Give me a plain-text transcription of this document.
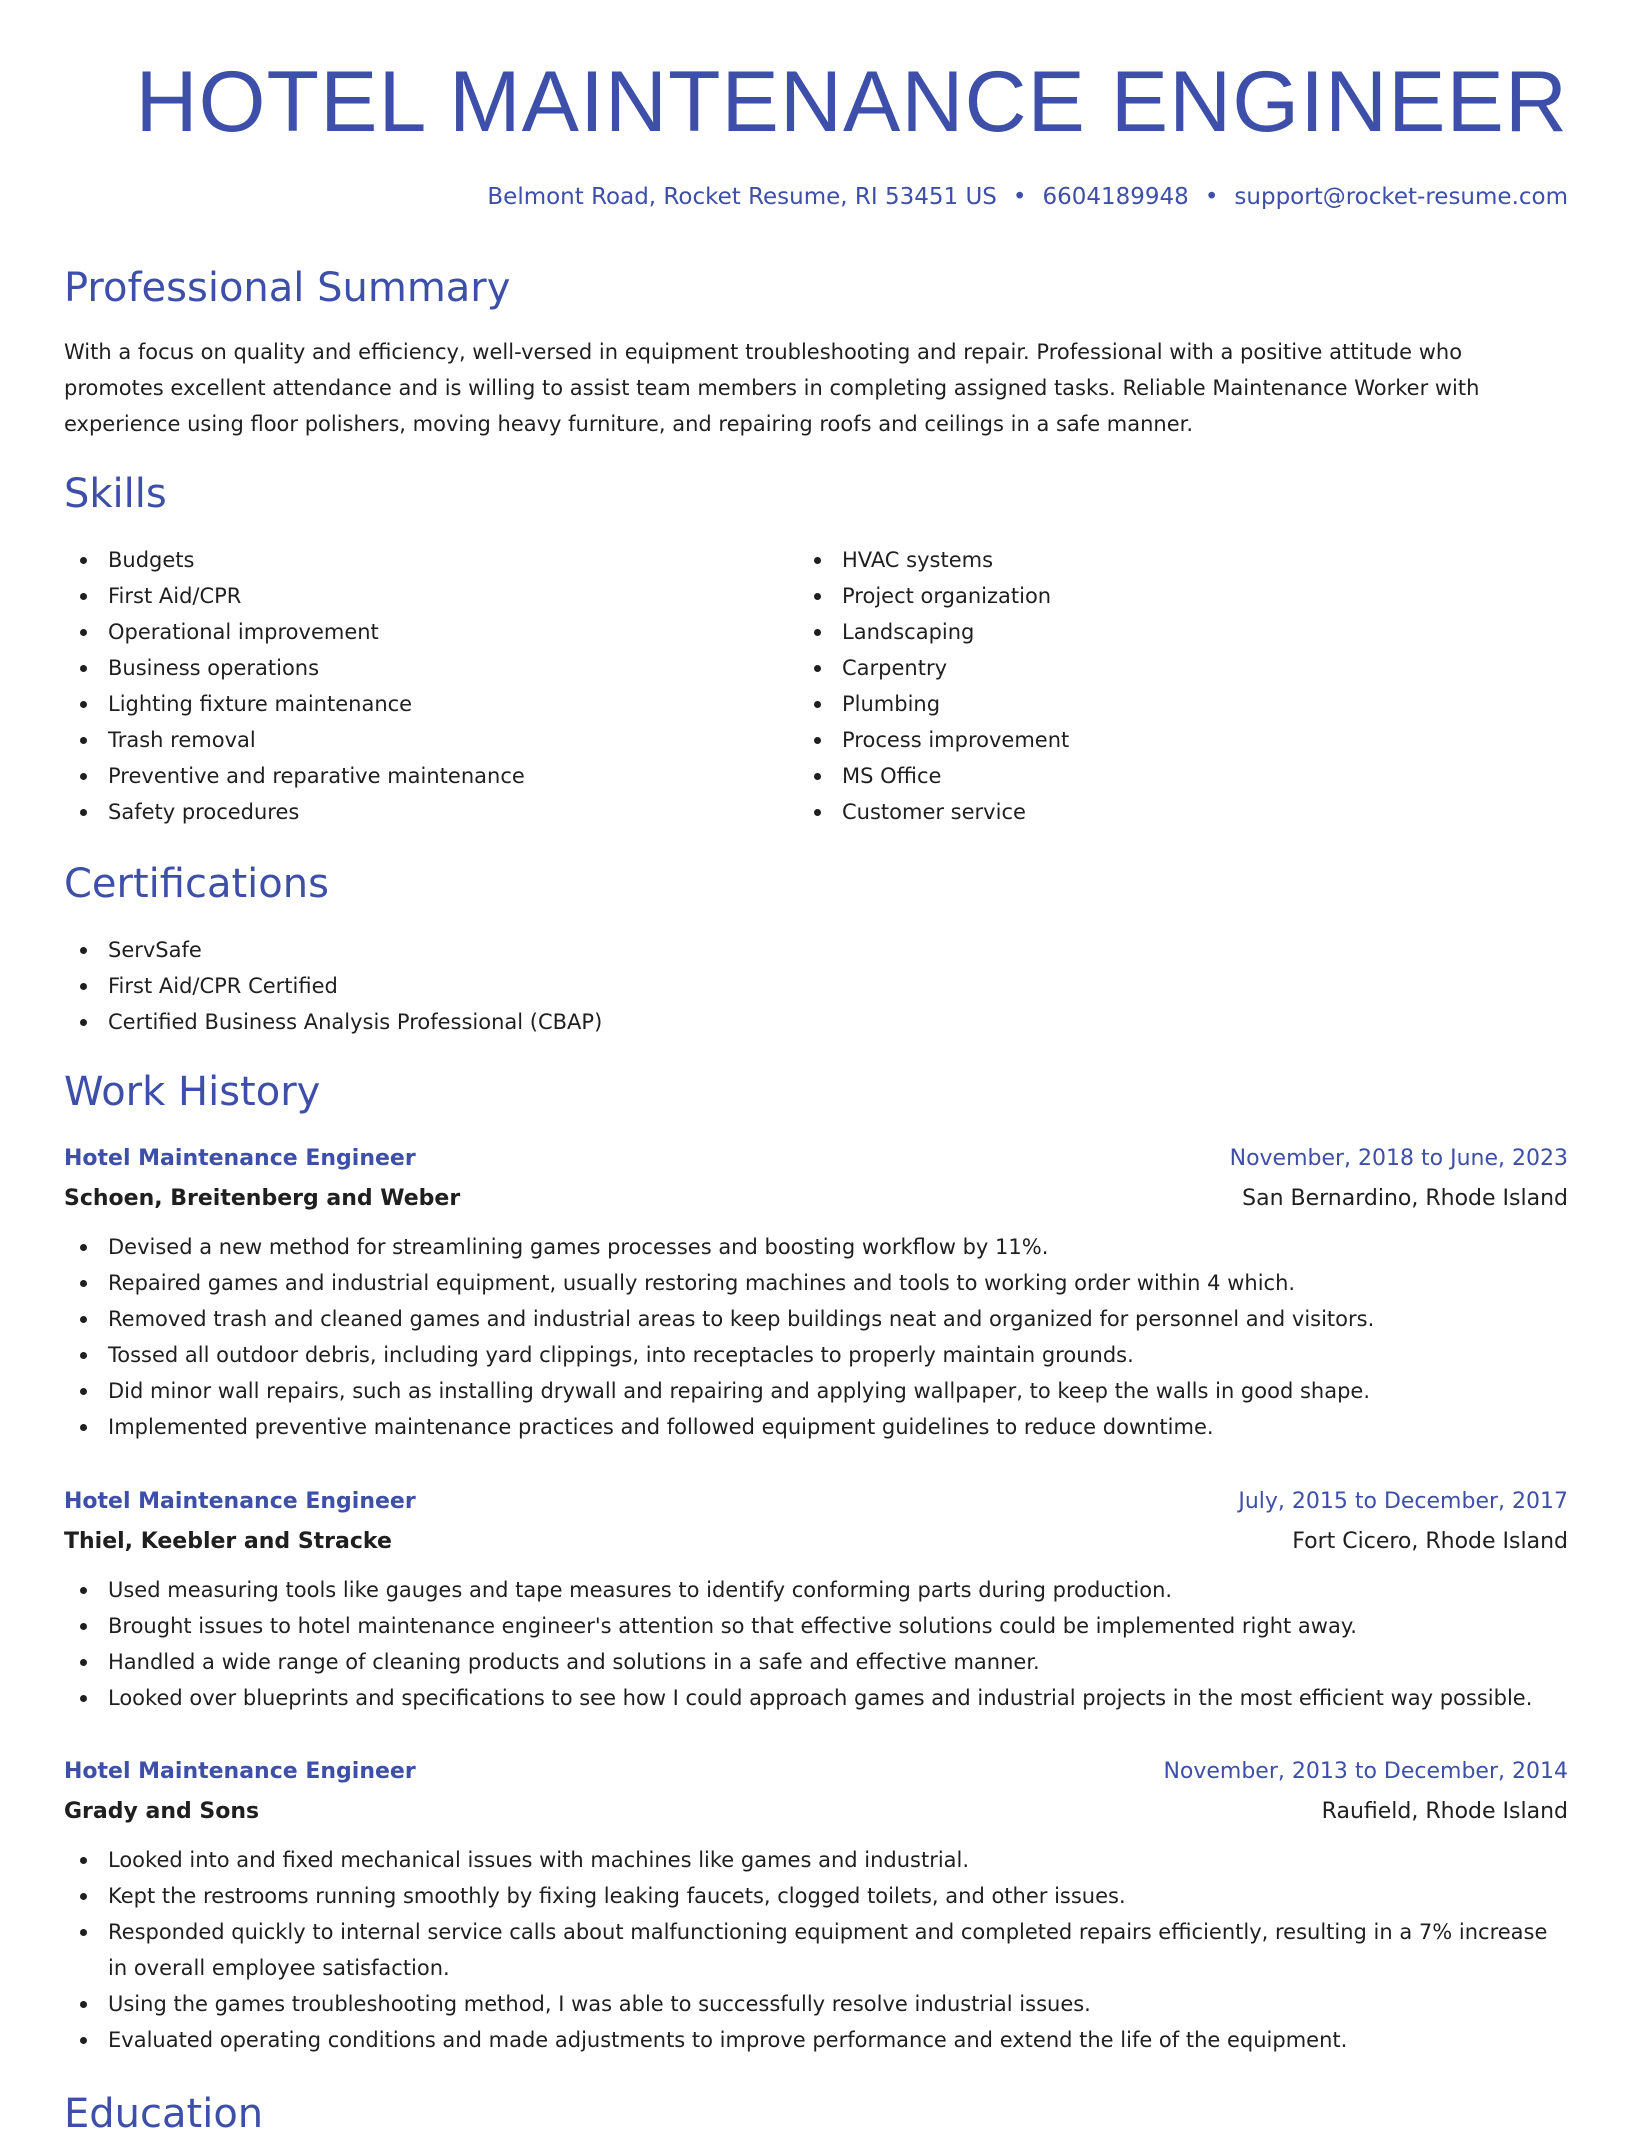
HOTEL MAINTENANCE ENGINEER
Belmont Road, Rocket Resume, RI 53451 US • 6604189948 • support@rocket-resume.com
Professional Summary

With a focus on quality and efficiency, well-versed in equipment troubleshooting and repair. Professional with a positive attitude who promotes excellent attendance and is willing to assist team members in completing assigned tasks. Reliable Maintenance Worker with experience using floor polishers, moving heavy furniture, and repairing roofs and ceilings in a safe manner.

Skills
Budgets
First Aid/CPR
Operational improvement
Business operations
Lighting fixture maintenance
Trash removal
Preventive and reparative maintenance
Safety procedures
HVAC systems
Project organization
Landscaping
Carpentry
Plumbing
Process improvement
MS Office
Customer service
Certifications
ServSafe
First Aid/CPR Certified
Certified Business Analysis Professional (CBAP)
Work History
Hotel Maintenance Engineer	November, 2018 to June, 2023
Schoen, Breitenberg and Weber	San Bernardino, Rhode Island
Devised a new method for streamlining games processes and boosting workflow by 11%.
Repaired games and industrial equipment, usually restoring machines and tools to working order within 4 which.
Removed trash and cleaned games and industrial areas to keep buildings neat and organized for personnel and visitors.
Tossed all outdoor debris, including yard clippings, into receptacles to properly maintain grounds.
Did minor wall repairs, such as installing drywall and repairing and applying wallpaper, to keep the walls in good shape.
Implemented preventive maintenance practices and followed equipment guidelines to reduce downtime.
Hotel Maintenance Engineer	July, 2015 to December, 2017
Thiel, Keebler and Stracke	Fort Cicero, Rhode Island
Used measuring tools like gauges and tape measures to identify conforming parts during production.
Brought issues to hotel maintenance engineer's attention so that effective solutions could be implemented right away.
Handled a wide range of cleaning products and solutions in a safe and effective manner.
Looked over blueprints and specifications to see how I could approach games and industrial projects in the most efficient way possible.
Hotel Maintenance Engineer	November, 2013 to December, 2014
Grady and Sons	Raufield, Rhode Island
Looked into and fixed mechanical issues with machines like games and industrial.
Kept the restrooms running smoothly by fixing leaking faucets, clogged toilets, and other issues.
Responded quickly to internal service calls about malfunctioning equipment and completed repairs efficiently, resulting in a 7% increase in overall employee satisfaction.
Using the games troubleshooting method, I was able to successfully resolve industrial issues.
Evaluated operating conditions and made adjustments to improve performance and extend the life of the equipment.
Education
